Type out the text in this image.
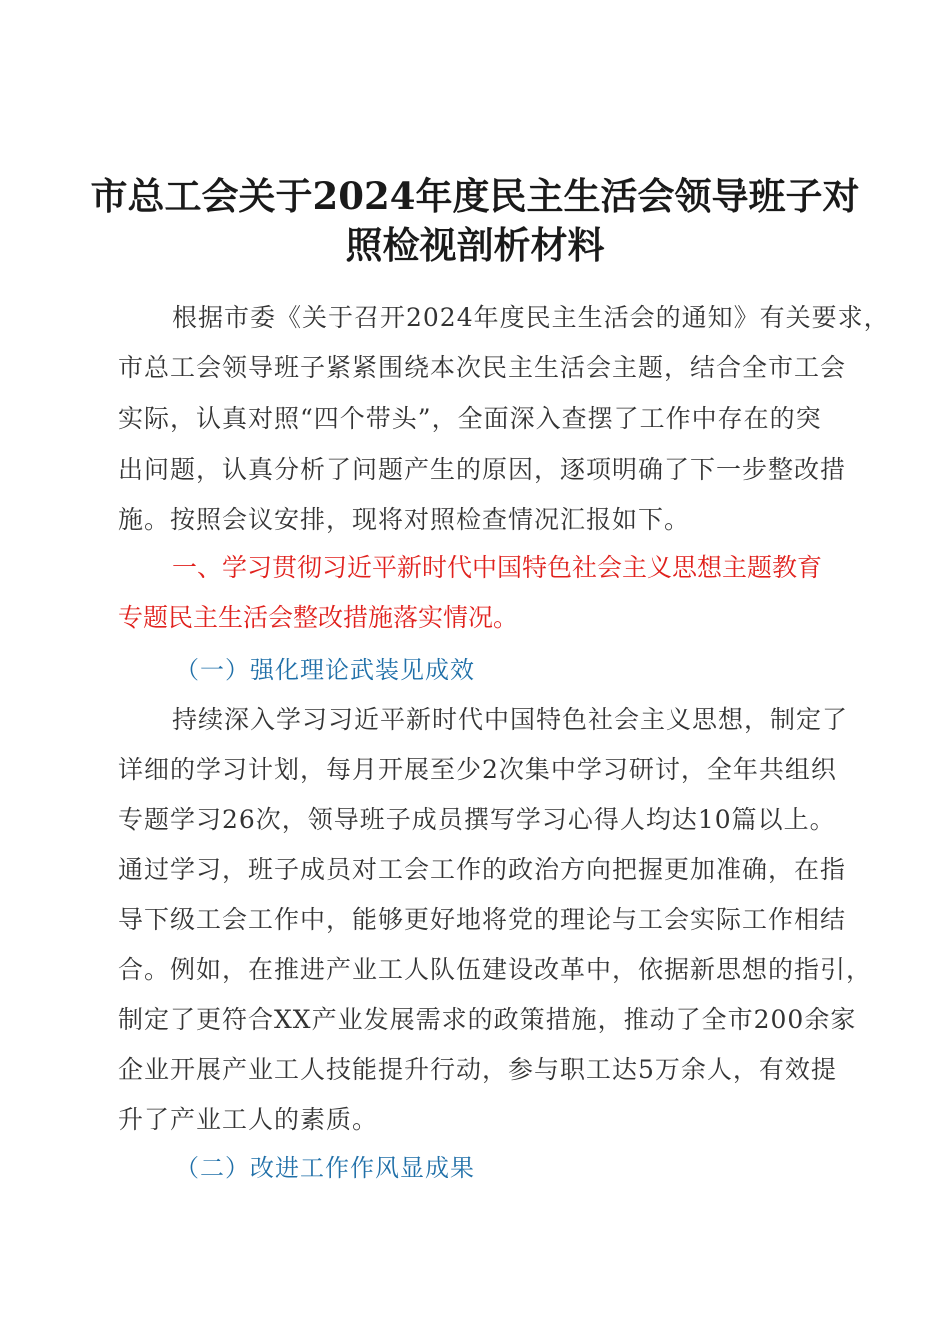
市总工会关于2024年度民主生活会领导班子对
照检视剖析材料
根据市委《关于召开2024年度民主生活会的通知》有关要求，
市总工会领导班子紧紧围绕本次民主生活会主题，结合全市工会
实际，认真对照“四个带头”，全面深入查摆了工作中存在的突
出问题，认真分析了问题产生的原因，逐项明确了下一步整改措
施。按照会议安排，现将对照检查情况汇报如下。
一、学习贯彻习近平新时代中国特色社会主义思想主题教育
专题民主生活会整改措施落实情况。
（一）强化理论武装见成效
持续深入学习习近平新时代中国特色社会主义思想，制定了
详细的学习计划，每月开展至少2次集中学习研讨，全年共组织
专题学习26次，领导班子成员撰写学习心得人均达10篇以上。
通过学习，班子成员对工会工作的政治方向把握更加准确，在指
导下级工会工作中，能够更好地将党的理论与工会实际工作相结
合。例如，在推进产业工人队伍建设改革中，依据新思想的指引，
制定了更符合XX产业发展需求的政策措施，推动了全市200余家
企业开展产业工人技能提升行动，参与职工达5万余人，有效提
升了产业工人的素质。
（二）改进工作作风显成果
